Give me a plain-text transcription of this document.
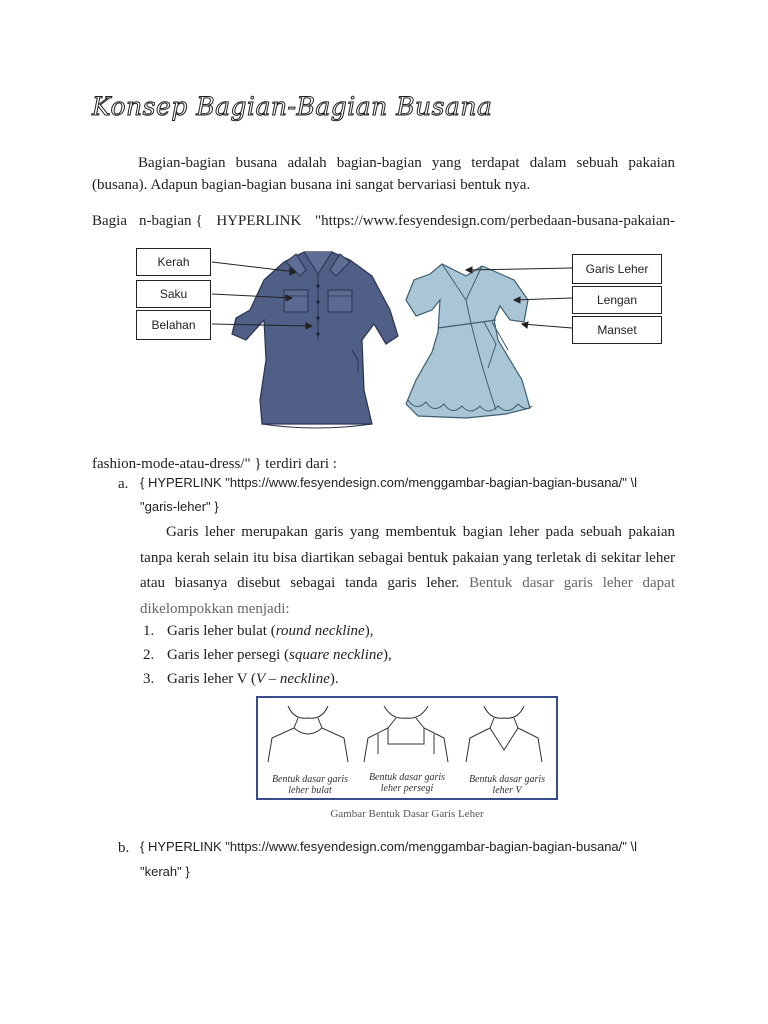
Konsep Bagian-Bagian Busana
Bagian-bagian busana adalah bagian-bagian yang terdapat dalam sebuah pakaian (busana). Adapun bagian-bagian busana ini sangat bervariasi bentuk nya.
Bagia n-bagian { HYPERLINK "https://www.fesyendesign.com/perbedaan-busana-pakaian-
Kerah
Saku
Belahan
Garis Leher
Lengan
Manset
fashion-mode-atau-dress/" } terdiri dari :
a. { HYPERLINK "https://www.fesyendesign.com/menggambar-bagian-bagian-busana/" \l
"garis-leher" }
Garis leher merupakan garis yang membentuk bagian leher pada sebuah pakaian tanpa kerah selain itu bisa diartikan sebagai bentuk pakaian yang terletak di sekitar leher atau biasanya disebut sebagai tanda garis leher. Bentuk dasar garis leher dapat dikelompokkan menjadi:
1. Garis leher bulat (round neckline),
2. Garis leher persegi (square neckline),
3. Garis leher V (V – neckline).
Bentuk dasar garis leher bulat
Bentuk dasar garis leher persegi
Bentuk dasar garis leher V
Gambar Bentuk Dasar Garis Leher
b. { HYPERLINK "https://www.fesyendesign.com/menggambar-bagian-bagian-busana/" \l
"kerah" }
